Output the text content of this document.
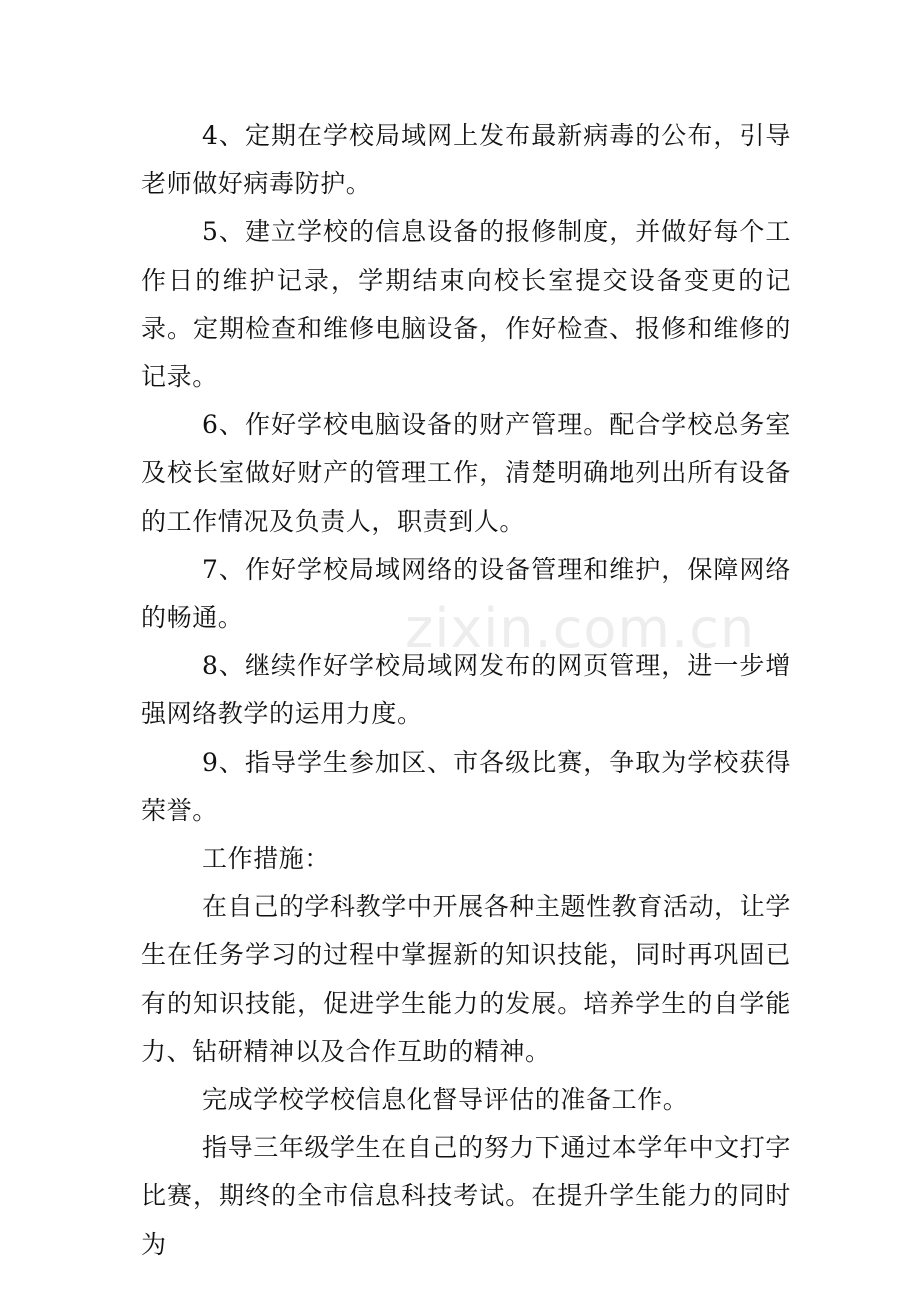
4、定期在学校局域网上发布最新病毒的公布，引导老师做好病毒防护。

5、建立学校的信息设备的报修制度，并做好每个工作日的维护记录，学期结束向校长室提交设备变更的记录。定期检查和维修电脑设备，作好检查、报修和维修的记录。

6、作好学校电脑设备的财产管理。配合学校总务室及校长室做好财产的管理工作，清楚明确地列出所有设备的工作情况及负责人，职责到人。

7、作好学校局域网络的设备管理和维护，保障网络的畅通。

8、继续作好学校局域网发布的网页管理，进一步增强网络教学的运用力度。

9、指导学生参加区、市各级比赛，争取为学校获得荣誉。

工作措施：

在自己的学科教学中开展各种主题性教育活动，让学生在任务学习的过程中掌握新的知识技能，同时再巩固已有的知识技能，促进学生能力的发展。培养学生的自学能力、钻研精神以及合作互助的精神。

完成学校学校信息化督导评估的准备工作。

指导三年级学生在自己的努力下通过本学年中文打字比赛，期终的全市信息科技考试。在提升学生能力的同时为

zixin.com.cn
